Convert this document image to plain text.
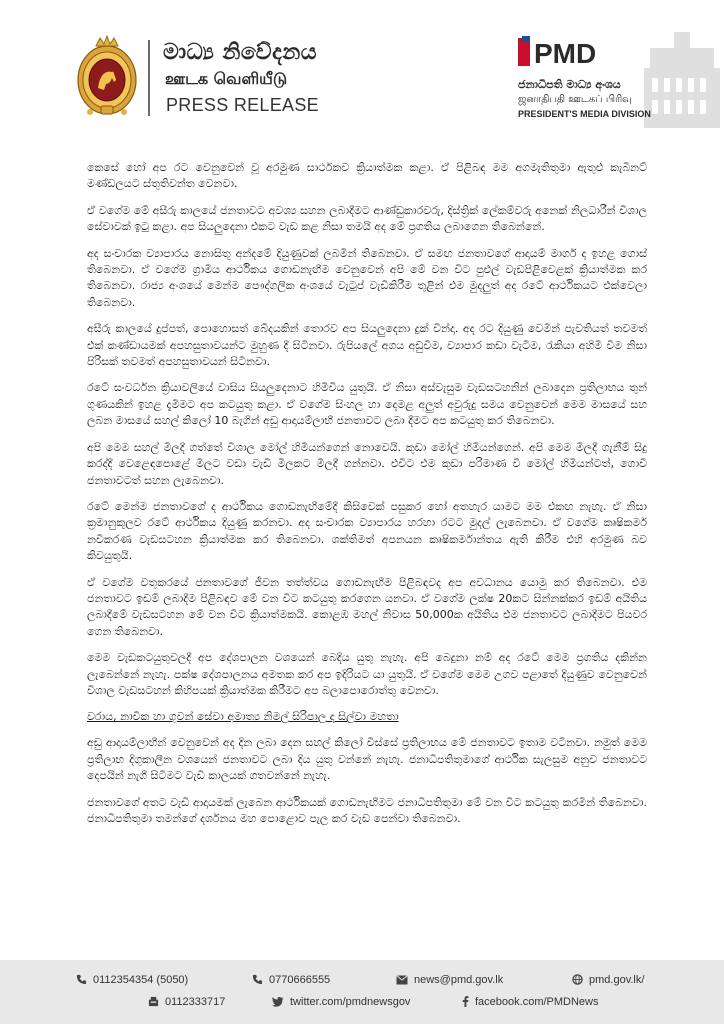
මාධ්‍ය නිවේදනය
ஊடக வெளியீடு
PRESS RELEASE
PMD
ජනාධිපති මාධ්‍ය අංශය
ஜனாதிபதி ஊடகப் பிரிவு
PRESIDENT'S MEDIA DIVISION

කෙසේ හෝ අප රට වෙනුවෙන් වූ අරමුණ සාර්ථකව ක්‍රියාත්මක කළා. ඒ පිළිබඳ මම අගමැතිතුමා ඇතුළු කැබිනට් මණ්ඩලයට ස්තුතිවන්ත වෙනවා.

ඒ වගේම මේ අසීරු කාලයේ ජනතාවට අවශ්‍ය සහන ලබාදීමට ආණ්ඩුකාරවරු, දිස්ත්‍රික් ලේකම්වරු අනෙක් නිලධාරීන් විශාල සේවාවක් ඉටු කළා. අප සියලුදෙනා එකට වැඩ කළ නිසා තමයි අද මේ ප්‍රගතිය ලබාගෙන තිබෙන්නේ.

අද සංචාරක ව්‍යාපාරය නොසිතූ අන්දමේ දියුණුවක් ලබමින් තිබෙනවා. ඒ සමඟ ජනතාවගේ ආදායම් මාර්ග ද ඉහළ ගොස් තිබෙනවා. ඒ වගේම ග්‍රාමීය ආර්ථිකය ගොඩනැඟීම වෙනුවෙන් අපි මේ වන විට පුළුල් වැඩපිළිවෙළක් ක්‍රියාත්මක කර තිබෙනවා. රාජ්‍ය අංශයේ මෙන්ම පෞද්ගලික අංශයේ වැටුප් වැඩිකිරීම තුළින් එම මුදලුත් අද රටේ ආර්ථිකයට එක්වෙලා තිබෙනවා.

අසීරු කාලයේ දුප්පත්, පොහොසත් බේදයකින් තොරව අප සියලුදෙනා දුක් වින්දා. අද රට දියුණු වෙමින් පැවතියත් තවමත් එක් කණ්ඩායමක් අපහසුතාවයන්ට මුහුණ දී සිටිනවා. රුපියලේ අගය අඩුවීම, ව්‍යාපාර කඩා වැටීම, රැකියා අහිමි වීම නිසා පිරිසක් තවමත් අපහසුතාවයන් සිටිනවා.

රටේ සංවර්ධන ක්‍රියාවලියේ වාසිය සියලුදෙනාට හිමිවිය යුතුයි. ඒ නිසා අස්වැසුම වැඩසටහනින් ලබාදෙන ප්‍රතිලාභය තුන් ගුණයකින් ඉහළ දැමීමට අප කටයුතු කළා. ඒ වගේම සිංහල හා දෙමළ අලුත් අවුරුදු සමය වෙනුවෙන් මෙම මාසයේ සහ ලබන මාසයේ සහල් කිලෝ 10 බැගින් අඩු ආදායම්ලාභී ජනතාවට ලබා දීමට අප කටයුතු කර තිබෙනවා.

අපි මෙම සහල් මිලදී ගත්තේ විශාල මෝල් හිමියන්ගෙන් නොවෙයි. කුඩා මෝල් හිමියන්ගෙන්. අපි මෙම මිලදී ගැනීම් සිදු කරද්දී වෙළෙඳපොළේ මිලට වඩා වැඩි මිලකට මිලදී ගන්නවා. එවිට එම කුඩා පරිමාණ වී මෝල් හිමියන්ටත්, ගොවි ජනතාවටත් සහන ලැබෙනවා.

රටේ මෙන්ම ජනතාවගේ ද ආර්ථිකය ගොඩනැඟීමේදී කිසිවෙක් පසුකර හෝ අතහැර යාමට මම එකඟ නැහැ. ඒ නිසා ක්‍රමානුකූලව රටේ ආර්ථිකය දියුණු කරනවා. අද සංචාරක ව්‍යාපාරය හරහා රටට මුදල් ලැබෙනවා. ඒ වගේම කෘෂිකර්ම නවීකරණ වැඩසටහන ක්‍රියාත්මක කර තිබෙනවා. ශක්තිමත් අපනයන කෘෂිකර්මාන්තය ඇති කිරීම එහි අරමුණ බව කිවයුතුයි.

ඒ වගේම වතුකරයේ ජනතාවගේ ජීවන තත්ත්වය ගොඩනැඟීම පිළිබඳවද අප අවධානය යොමු කර තිබෙනවා. එම ජනතාවට ඉඩම් ලබාදීම පිළිබඳව මේ වන විට කටයුතු කරගෙන යනවා. ඒ වගේම ලක්ෂ 20කට සින්නක්කර ඉඩම් අයිතිය ලබාදීමේ වැඩසටහන මේ වන විට ක්‍රියාත්මකයි. කොළඹ මහල් නිවාස 50,000ක අයිතිය එම ජනතාවට ලබාදීමට පියවර ගෙන තිබෙනවා.

මෙම වැඩකටයුතුවලදී අප දේශපාලන වශයෙන් බෙදිය යුතු නැහැ. අපි බෙදුනා නම් අද රටේ මෙම ප්‍රගතිය දකින්න ලැබෙන්නේ නැහැ. පක්ෂ දේශපාලනය අමතක කර අප ඉදිරියට යා යුතුයි. ඒ වගේම මෙම උගව පළාතේ දියුණුව වෙනුවෙන් විශාල වැඩසටහන් කිහිපයක් ක්‍රියාත්මක කිරීමට අප බලාපොරොත්තු වෙනවා.

වරාය, නාවික හා ගුවන් සේවා අමාත්‍ය නිමල් සිරිපාල ද සිල්වා මහතා

අඩු ආදායම්ලාභීන් වෙනුවෙන් අද දින ලබා දෙන සහල් කිලෝ විස්සේ ප්‍රතිලාභය මේ ජනතාවට ඉතාම වටිනවා. නමුත් මෙම ප්‍රතිලාභ දිගුකාලීන වශයෙන් ජනතාවට ලබා දිය යුතු වන්නේ නැහැ. ජනාධිපතිතුමාගේ ආර්ථික සැලසුම අනුව ජනතාවට දෙපයින් නැගී සිටීමට වැඩි කාලයක් ගතවන්නේ නැහැ.

ජනතාවගේ අතට වැඩි ආදායමක් ලැබෙන ආර්ථිකයක් ගොඩනැඟීමට ජනාධිපතිතුමා මේ වන විට කටයුතු කරමින් තිබෙනවා. ජනාධිපතිතුමා තමන්ගේ දර්ශනය මහ පොළොව පැල කර වැඩ පෙන්වා තිබෙනවා.

0112354354 (5050)	0770666555	news@pmd.gov.lk	pmd.gov.lk/
0112333717	twitter.com/pmdnewsgov	facebook.com/PMDNews
